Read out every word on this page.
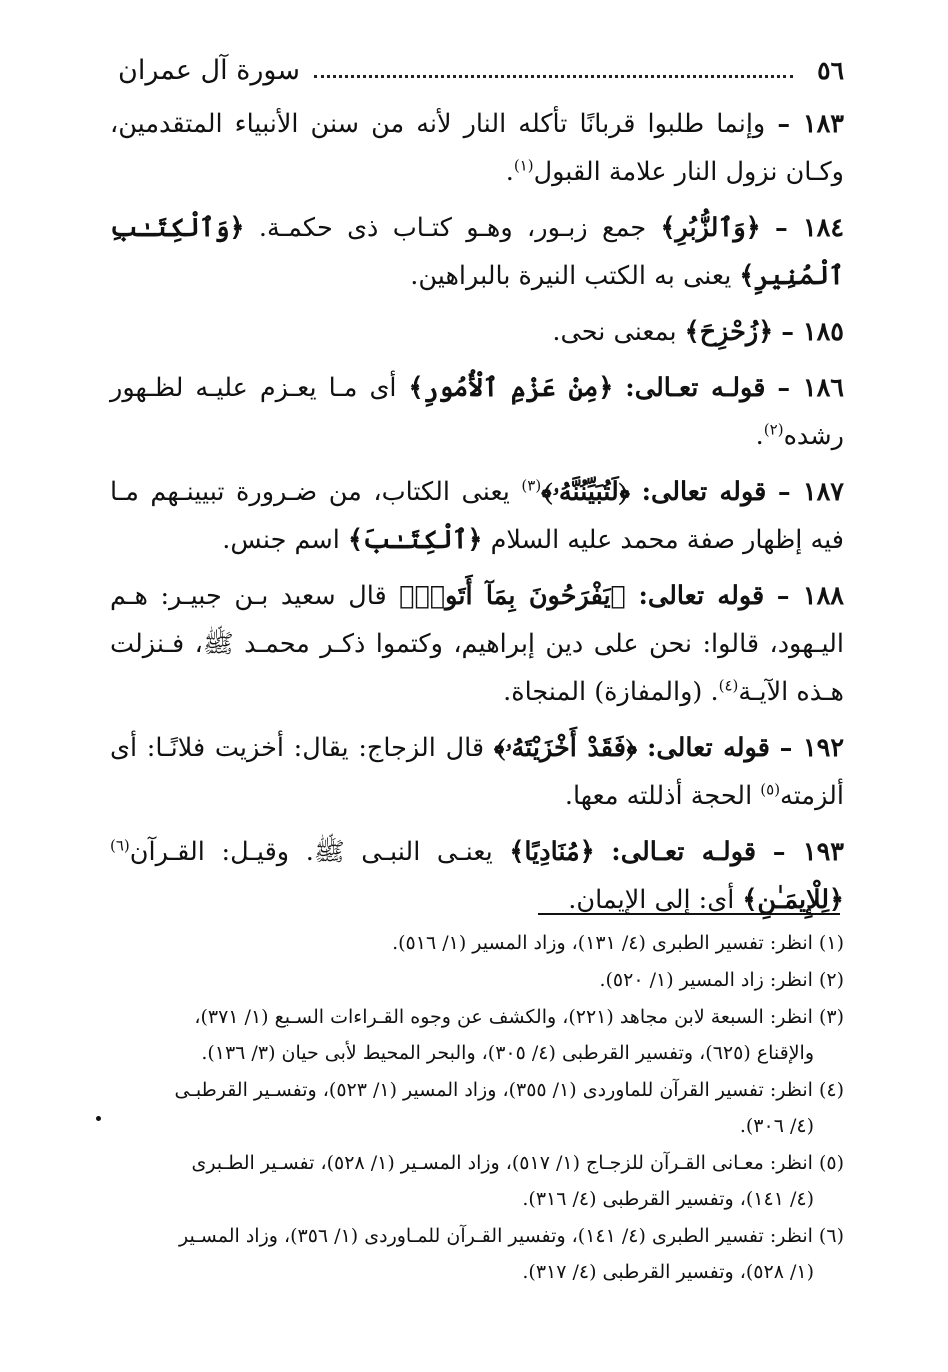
٥٦
سورة آل عمران

١٨٣ – وإنما طلبوا قربانًا تأكله النار لأنه من سنن الأنبياء المتقدمين، وكـان نزول النار علامة القبول$^{(١)}$.

١٨٤ – ﴿وَٱلزُّبُرِ﴾ جمع زبـور، وهـو كتـاب ذى حكمـة. ﴿وَٱلْكِتَـٰبِ ٱلْمُنِيرِ﴾ يعنى به الكتب النيرة بالبراهين.

١٨٥ – ﴿زُحْزِحَ﴾ بمعنى نحى.

١٨٦ – قولـه تعـالى: ﴿مِنْ عَزْمِ ٱلْأُمُورِ﴾ أى مـا يعـزم عليـه لظـهور رشده$^{(٢)}$.

١٨٧ – قوله تعالى: ﴿لَتُبَيِّنُنَّهُۥ﴾$^{(٣)}$ يعنى الكتاب، من ضـرورة تبيينـهم مـا فيه إظهار صفة محمد عليه السلام ﴿ٱلْكِتَـٰبَ﴾ اسم جنس.

١٨٨ – قوله تعالى: ﴿يَفْرَحُونَ بِمَآ أَتَوا۟﴾ قال سعيد بـن جبيـر: هـم اليـهود، قالوا: نحن على دين إبراهيم، وكتموا ذكـر محمـد ﷺ، فـنزلت هـذه الآيـة$^{(٤)}$. (والمفازة) المنجاة.

١٩٢ – قوله تعالى: ﴿فَقَدْ أَخْزَيْتَهُۥ﴾ قال الزجاج: يقال: أخزيت فلانًـا: أى ألزمته$^{(٥)}$ الحجة أذللته معها.

١٩٣ – قولـه تعـالى: ﴿مُنَادِيًا﴾ يعنـى النبـى ﷺ. وقيـل: القـرآن$^{(٦)}$ ﴿لِلْإِيمَـٰنِ﴾ أى: إلى الإيمان.

(١) انظر: تفسير الطبرى (٤/ ١٣١)، وزاد المسير (١/ ٥١٦).
(٢) انظر: زاد المسير (١/ ٥٢٠).
(٣) انظر: السبعة لابن مجاهد (٢٢١)، والكشف عن وجوه القـراءات السـبع (١/ ٣٧١)،
والإقناع (٦٢٥)، وتفسير القرطبى (٤/ ٣٠٥)، والبحر المحيط لأبى حيان (٣/ ١٣٦).
(٤) انظر: تفسير القرآن للماوردى (١/ ٣٥٥)، وزاد المسير (١/ ٥٢٣)، وتفسـير القرطبـى
(٤/ ٣٠٦).
(٥) انظر: معـانى القـرآن للزجـاج (١/ ٥١٧)، وزاد المسـير (١/ ٥٢٨)، تفسـير الطـبرى
(٤/ ١٤١)، وتفسير القرطبى (٤/ ٣١٦).
(٦) انظر: تفسير الطبرى (٤/ ١٤١)، وتفسير القـرآن للمـاوردى (١/ ٣٥٦)، وزاد المسـير
(١/ ٥٢٨)، وتفسير القرطبى (٤/ ٣١٧).
